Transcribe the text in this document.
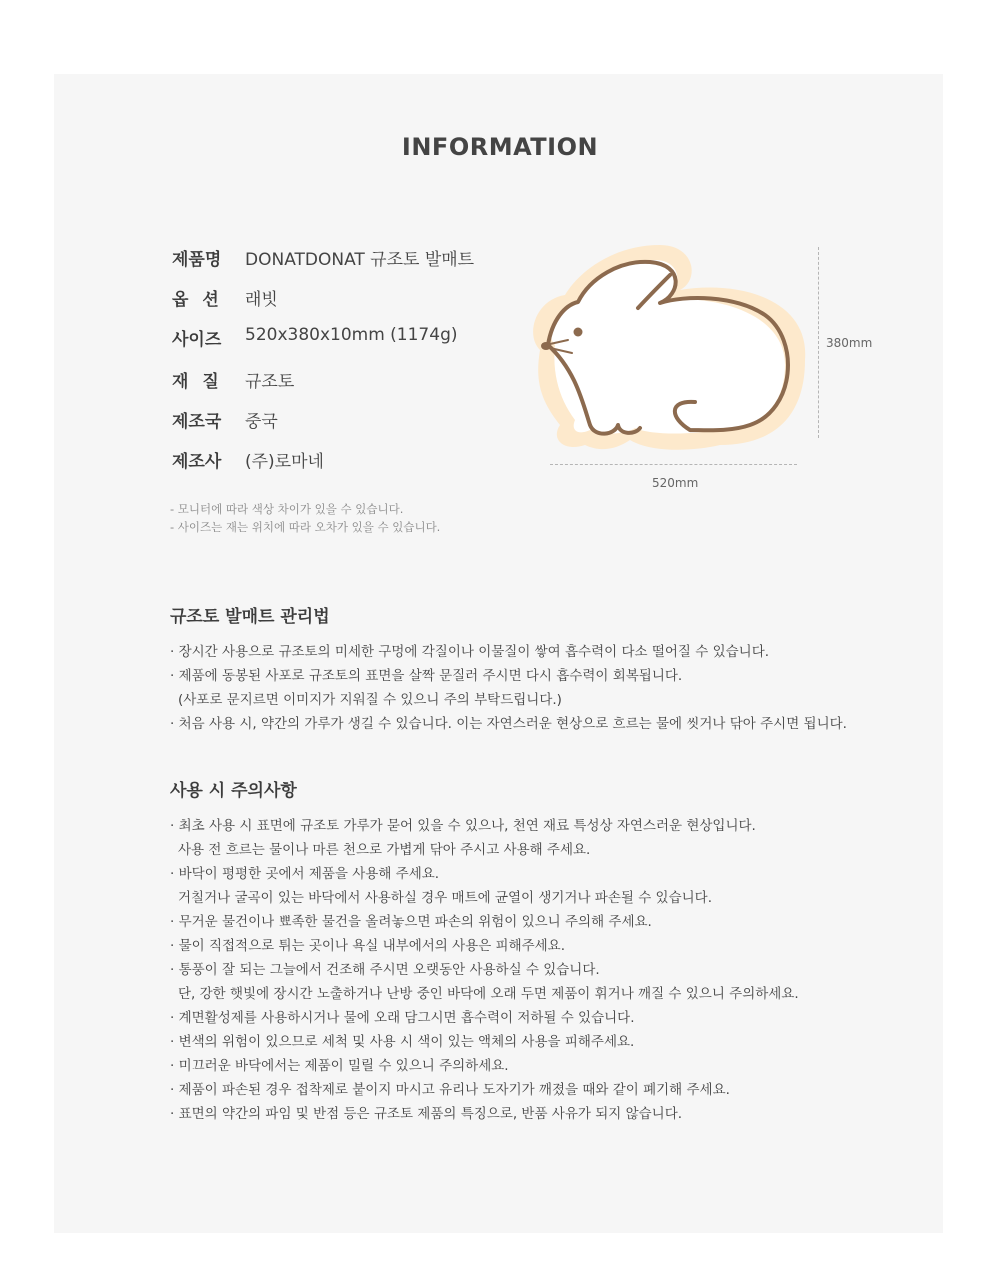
INFORMATION
제품명	DONATDONAT 규조토 발매트
옵션 래빗
사이즈	520x380x10mm (1174g)
재질 규조토
제조국	중국
제조사	(주)로마네
380mm
520mm
- 모니터에 따라 색상 차이가 있을 수 있습니다.
- 사이즈는 재는 위치에 따라 오차가 있을 수 있습니다.
규조토 발매트 관리법
· 장시간 사용으로 규조토의 미세한 구멍에 각질이나 이물질이 쌓여 흡수력이 다소 떨어질 수 있습니다.
· 제품에 동봉된 사포로 규조토의 표면을 살짝 문질러 주시면 다시 흡수력이 회복됩니다.
(사포로 문지르면 이미지가 지워질 수 있으니 주의 부탁드립니다.)
· 처음 사용 시, 약간의 가루가 생길 수 있습니다. 이는 자연스러운 현상으로 흐르는 물에 씻거나 닦아 주시면 됩니다.
사용 시 주의사항
· 최초 사용 시 표면에 규조토 가루가 묻어 있을 수 있으나, 천연 재료 특성상 자연스러운 현상입니다.
사용 전 흐르는 물이나 마른 천으로 가볍게 닦아 주시고 사용해 주세요.
· 바닥이 평평한 곳에서 제품을 사용해 주세요.
거칠거나 굴곡이 있는 바닥에서 사용하실 경우 매트에 균열이 생기거나 파손될 수 있습니다.
· 무거운 물건이나 뾰족한 물건을 올려놓으면 파손의 위험이 있으니 주의해 주세요.
· 물이 직접적으로 튀는 곳이나 욕실 내부에서의 사용은 피해주세요.
· 통풍이 잘 되는 그늘에서 건조해 주시면 오랫동안 사용하실 수 있습니다.
단, 강한 햇빛에 장시간 노출하거나 난방 중인 바닥에 오래 두면 제품이 휘거나 깨질 수 있으니 주의하세요.
· 계면활성제를 사용하시거나 물에 오래 담그시면 흡수력이 저하될 수 있습니다.
· 변색의 위험이 있으므로 세척 및 사용 시 색이 있는 액체의 사용을 피해주세요.
· 미끄러운 바닥에서는 제품이 밀릴 수 있으니 주의하세요.
· 제품이 파손된 경우 접착제로 붙이지 마시고 유리나 도자기가 깨졌을 때와 같이 폐기해 주세요.
· 표면의 약간의 파임 및 반점 등은 규조토 제품의 특징으로, 반품 사유가 되지 않습니다.
